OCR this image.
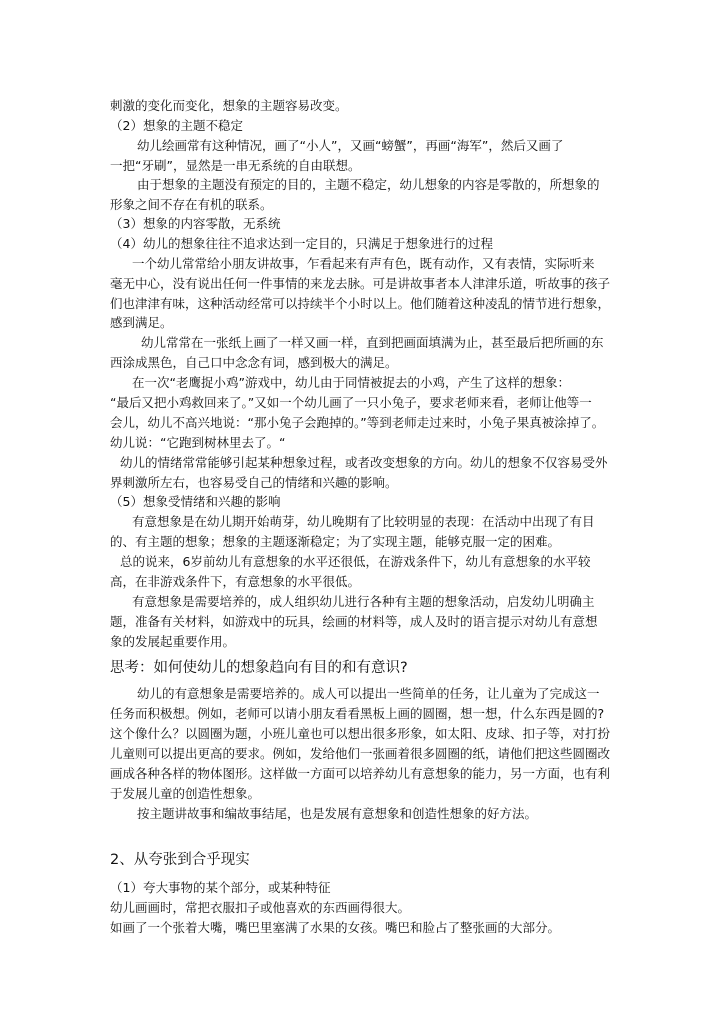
刺激的变化而变化，想象的主题容易改变。
（2）想象的主题不稳定
幼儿绘画常有这种情况，画了“小人”，又画“螃蟹”，再画“海军”，然后又画了
一把“牙刷”，显然是一串无系统的自由联想。
由于想象的主题没有预定的目的，主题不稳定，幼儿想象的内容是零散的，所想象的
形象之间不存在有机的联系。
（3）想象的内容零散，无系统
（4）幼儿的想象往往不追求达到一定目的，只满足于想象进行的过程
一个幼儿常常给小朋友讲故事，乍看起来有声有色，既有动作，又有表情，实际听来
毫无中心，没有说出任何一件事情的来龙去脉。可是讲故事者本人津津乐道，听故事的孩子
们也津津有味，这种活动经常可以持续半个小时以上。他们随着这种凌乱的情节进行想象，
感到满足。
幼儿常常在一张纸上画了一样又画一样，直到把画面填满为止，甚至最后把所画的东
西涂成黑色，自己口中念念有词，感到极大的满足。
在一次“老鹰捉小鸡”游戏中，幼儿由于同情被捉去的小鸡，产生了这样的想象：
“最后又把小鸡救回来了。”又如一个幼儿画了一只小兔子，要求老师来看，老师让他等一
会儿，幼儿不高兴地说：“那小兔子会跑掉的。”等到老师走过来时，小兔子果真被涂掉了。
幼儿说：“它跑到树林里去了。“
幼儿的情绪常常能够引起某种想象过程，或者改变想象的方向。幼儿的想象不仅容易受外
界刺激所左右，也容易受自己的情绪和兴趣的影响。
（5）想象受情绪和兴趣的影响
有意想象是在幼儿期开始萌芽，幼儿晚期有了比较明显的表现：在活动中出现了有目
的、有主题的想象；想象的主题逐渐稳定；为了实现主题，能够克服一定的困难。
总的说来，6岁前幼儿有意想象的水平还很低，在游戏条件下，幼儿有意想象的水平较
高，在非游戏条件下，有意想象的水平很低。
有意想象是需要培养的，成人组织幼儿进行各种有主题的想象活动，启发幼儿明确主
题，准备有关材料，如游戏中的玩具，绘画的材料等，成人及时的语言提示对幼儿有意想
象的发展起重要作用。
思考：如何使幼儿的想象趋向有目的和有意识?
幼儿的有意想象是需要培养的。成人可以提出一些简单的任务，让儿童为了完成这一
任务而积极想。例如，老师可以请小朋友看看黑板上画的圆圈，想一想，什么东西是圆的?
这个像什么？以圆圈为题，小班儿童也可以想出很多形象，如太阳、皮球、扣子等，对打扮
儿童则可以提出更高的要求。例如，发给他们一张画着很多圆圈的纸，请他们把这些圆圈改
画成各种各样的物体图形。这样做一方面可以培养幼儿有意想象的能力，另一方面，也有利
于发展儿童的创造性想象。
按主题讲故事和编故事结尾，也是发展有意想象和创造性想象的好方法。
2、从夸张到合乎现实
（1）夸大事物的某个部分，或某种特征
幼儿画画时，常把衣服扣子或他喜欢的东西画得很大。
如画了一个张着大嘴，嘴巴里塞满了水果的女孩。嘴巴和脸占了整张画的大部分。
